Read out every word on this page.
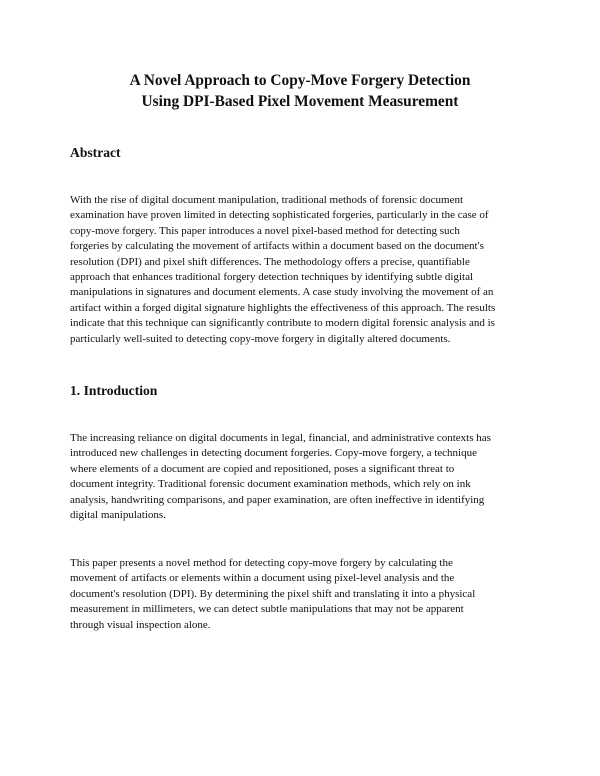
A Novel Approach to Copy-Move Forgery Detection
Using DPI-Based Pixel Movement Measurement
Abstract
With the rise of digital document manipulation, traditional methods of forensic document
examination have proven limited in detecting sophisticated forgeries, particularly in the case of
copy-move forgery. This paper introduces a novel pixel-based method for detecting such
forgeries by calculating the movement of artifacts within a document based on the document's
resolution (DPI) and pixel shift differences. The methodology offers a precise, quantifiable
approach that enhances traditional forgery detection techniques by identifying subtle digital
manipulations in signatures and document elements. A case study involving the movement of an
artifact within a forged digital signature highlights the effectiveness of this approach. The results
indicate that this technique can significantly contribute to modern digital forensic analysis and is
particularly well-suited to detecting copy-move forgery in digitally altered documents.
1. Introduction
The increasing reliance on digital documents in legal, financial, and administrative contexts has
introduced new challenges in detecting document forgeries. Copy-move forgery, a technique
where elements of a document are copied and repositioned, poses a significant threat to
document integrity. Traditional forensic document examination methods, which rely on ink
analysis, handwriting comparisons, and paper examination, are often ineffective in identifying
digital manipulations.
This paper presents a novel method for detecting copy-move forgery by calculating the
movement of artifacts or elements within a document using pixel-level analysis and the
document's resolution (DPI). By determining the pixel shift and translating it into a physical
measurement in millimeters, we can detect subtle manipulations that may not be apparent
through visual inspection alone.
